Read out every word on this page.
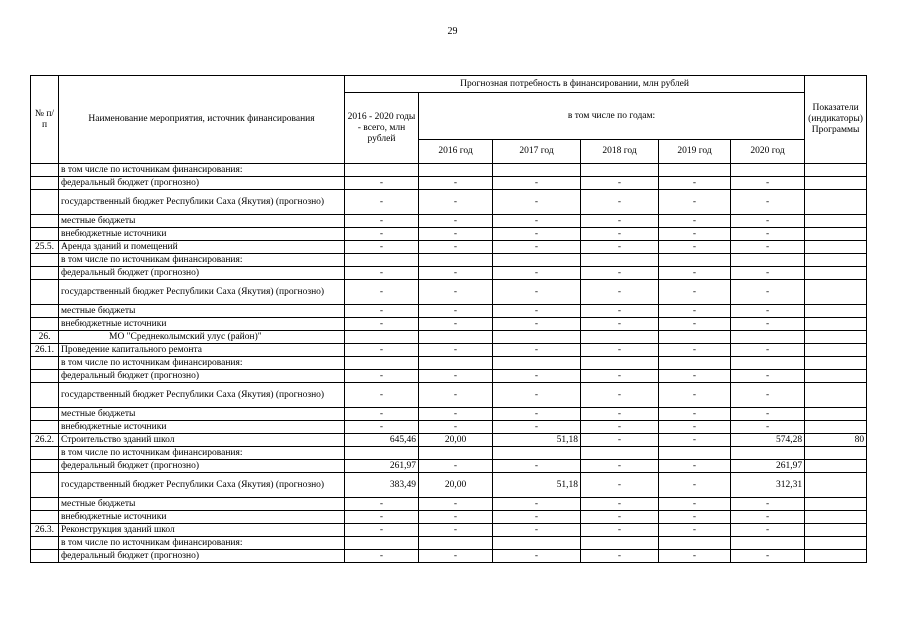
29
№ п/п	Наименование мероприятия, источник финансирования	Прогнозная потребность в финансировании, млн рублей						Показатели (индикаторы) Программы
		2016 - 2020 годы - всего, млн рублей	в том числе по годам:					
			2016 год	2017 год	2018 год	2019 год	2020 год	
	в том числе по источникам финансирования:							
	федеральный бюджет (прогнозно)	-	-	-	-	-	-	
	государственный бюджет Республики Саха (Якутия) (прогнозно)	-	-	-	-	-	-	
	местные бюджеты	-	-	-	-	-	-	
	внебюджетные источники	-	-	-	-	-	-	
25.5.	Аренда зданий и помещений	-	-	-	-	-	-	
	в том числе по источникам финансирования:							
	федеральный бюджет (прогнозно)	-	-	-	-	-	-	
	государственный бюджет Республики Саха (Якутия) (прогнозно)	-	-	-	-	-	-	
	местные бюджеты	-	-	-	-	-	-	
	внебюджетные источники	-	-	-	-	-	-	
26.	МО "Среднеколымский улус (район)"							
26.1.	Проведение капитального ремонта	-	-	-	-	-	-	
	в том числе по источникам финансирования:							
	федеральный бюджет (прогнозно)	-	-	-	-	-	-	
	государственный бюджет Республики Саха (Якутия) (прогнозно)	-	-	-	-	-	-	
	местные бюджеты	-	-	-	-	-	-	
	внебюджетные источники	-	-	-	-	-	-	
26.2.	Строительство зданий школ	645,46	20,00	51,18	-	-	574,28	80
	в том числе по источникам финансирования:							
	федеральный бюджет (прогнозно)	261,97	-	-	-	-	261,97	
	государственный бюджет Республики Саха (Якутия) (прогнозно)	383,49	20,00	51,18	-	-	312,31	
	местные бюджеты	-	-	-	-	-	-	
	внебюджетные источники	-	-	-	-	-	-	
26.3.	Реконструкция зданий школ	-	-	-	-	-	-	
	в том числе по источникам финансирования:							
	федеральный бюджет (прогнозно)	-	-	-	-	-	-	
